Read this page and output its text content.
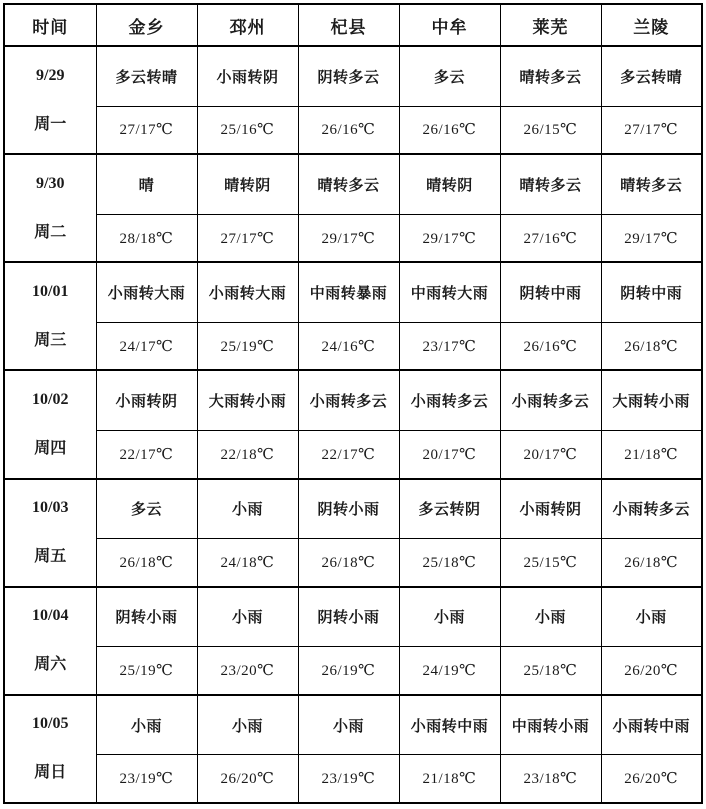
时间	金乡	邳州	杞县	中牟	莱芜	兰陵

9/29
周一	多云转晴	小雨转阴	阴转多云	多云	晴转多云	多云转晴
	27/17℃	25/16℃	26/16℃	26/16℃	26/15℃	27/17℃

9/30
周二	晴	晴转阴	晴转多云	晴转阴	晴转多云	晴转多云
	28/18℃	27/17℃	29/17℃	29/17℃	27/16℃	29/17℃

10/01
周三	小雨转大雨	小雨转大雨	中雨转暴雨	中雨转大雨	阴转中雨	阴转中雨
	24/17℃	25/19℃	24/16℃	23/17℃	26/16℃	26/18℃

10/02
周四	小雨转阴	大雨转小雨	小雨转多云	小雨转多云	小雨转多云	大雨转小雨
	22/17℃	22/18℃	22/17℃	20/17℃	20/17℃	21/18℃

10/03
周五	多云	小雨	阴转小雨	多云转阴	小雨转阴	小雨转多云
	26/18℃	24/18℃	26/18℃	25/18℃	25/15℃	26/18℃

10/04
周六	阴转小雨	小雨	阴转小雨	小雨	小雨	小雨
	25/19℃	23/20℃	26/19℃	24/19℃	25/18℃	26/20℃

10/05
周日	小雨	小雨	小雨	小雨转中雨	中雨转小雨	小雨转中雨
	23/19℃	26/20℃	23/19℃	21/18℃	23/18℃	26/20℃
